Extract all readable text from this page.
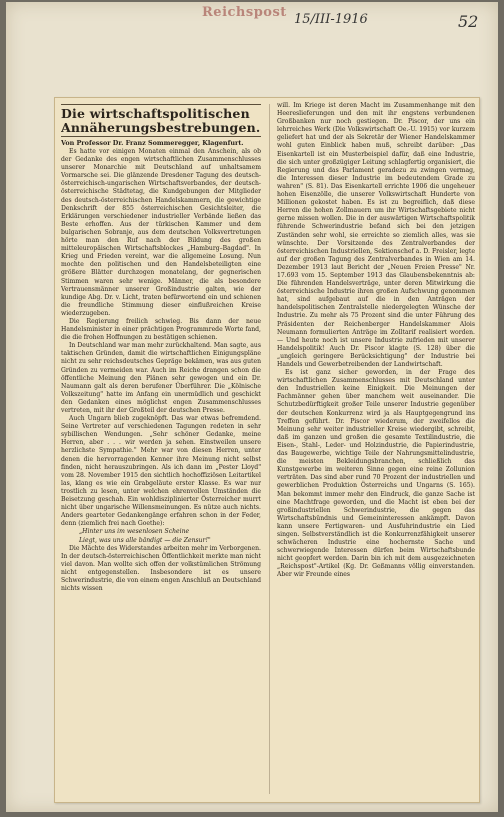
Reichspost 15/III-1916	52
Die wirtschaftspolitischen Annäherungsbestrebungen.
Von Professor Dr. Franz Sommeregger, Klagenfurt.

Es hatte vor einigen Monaten einmal den Anschein, als ob der Gedanke des engen wirtschaftlichen Zusammenschlusses unserer Monarchie mit Deutschland auf unhaltsamem Vormarsche sei. Die glänzende Dresdener Tagung des deutsch-österreichisch-ungarischen Wirtschaftsverbandes, der deutsch-österreichische Städtetag, die Kundgebungen der Mitglieder des deutsch-österreichischen Handelskammern, die gewichtige Denkschrift der 855 österreichischen Gesichtsleiter, die Erklärungen verschiedener industrieller Verbände ließen das Beste erhoffen. Aus der türkischen Kammer und dem bulgarischen Sobranje, aus dem deutschen Volksvertretungen hörte man den Ruf nach der Bildung des großen mitteleuropäischen Wirtschaftsblockes „Hamburg–Bagdad". In Krieg und Frieden vereint, war die allgemeine Losung. Nun mochte den politischen und den Handelsbeteiligten eine größere Blätter durchzogen monatelang, der gegnerischen Stimmen waren sehr wenige. Männer, die als besondere Vertrauensmänner unserer Großindustrie galten, wie der kundige Abg. Dr. v. Licht, traten befürwortend ein und schienen die freundliche Stimmung dieser einflußreichen Kreise wiederzugeben.

Die Regierung freilich schwieg. Bis dann der neue Handelsminister in einer prächtigen Programmrede Worte fand, die die frohen Hoffnungen zu bestätigen schienen.

In Deutschland war man mehr zurückhaltend. Man sagte, aus taktischen Gründen, damit die wirtschaftlichen Einigungspläne nicht zu sehr reichsdeutsches Gepräge bekämen, was aus guten Gründen zu vermeiden war. Auch im Reiche drangen schon die öffentliche Meinung den Plänen sehr gewogen und ein Dr. Naumann galt als deren berufener Überführer. Die „Kölnische Volkszeitung" hatte im Anfang ein unermüdlich und geschickt den Gedanken eines möglichst engen Zusammenschlusses vertreten, mit ihr der Großteil der deutschen Presse.

Auch Ungarn blieb zugeknöpft. Das war etwas befremdend. Seine Vertreter auf verschiedenen Tagungen redeten in sehr sybillischen Wendungen. „Sehr schöner Gedanke, meine Herren, aber . . . wir werden ja sehen. Einstweilen unsere herzlichste Sympathie." Mehr war von diesen Herren, unter denen die hervorragenden Kenner ihre Meinung nicht selbst finden, nicht herauszubringen. Als ich dann im „Pester Lloyd" vom 28. November 1915 den sichtlich hochoffiziösen Leitartikel las, klang es wie ein Grabgeläute erster Klasse. Es war nur trostlich zu lesen, unter welchen ehrenvollen Umständen die Beisetzung geschah. Ein wohldisziplinierter Österreicher murrt nicht über ungarische Willensmeinungen. Es nütze auch nichts. Anders gearteter Gedankengänge erfahren schon in der Feder, denn (ziemlich frei nach Goethe):

„Hinter uns im wesenlosen Scheine

Liegt, was uns alle bändigt — die Zensur!"

Die Mächte des Widerstandes arbeiten mehr im Verborgenen. In der deutsch-österreichischen Öffentlichkeit merkte man nicht viel davon. Man wollte sich offen der volkstümlichen Strömung nicht entgegenstellen. Insbesondere ist es unsere Schwerindustrie, die von einem engen Anschluß an Deutschland nichts wissen

will. Im Kriege ist deren Macht im Zusammenhange mit den Heereslieferungen und den mit ihr engstens verbundenen Großbanken nur noch gestiegen. Dr. Piscor, der uns ein lehrreiches Werk (Die Volkswirtschaft Oe.-U. 1915) vor kurzem geliefert hat und der als Sekretär der Wiener Handelskammer wohl guten Einblick haben muß, schreibt darüber: „Das Eisenkartell ist ein Musterbeispiel dafür, daß eine Industrie, die sich unter großzügiger Leitung schlagfertig organisiert, die Regierung und das Parlament geradezu zu zwingen vermag, die Interessen dieser Industrie im bedeutendem Grade zu wahren" (S. 81). Das Eisenkartell errichte 1906 die ungeheuer hohen Eisenzölle, die unserer Volkswirtschaft Hunderte von Millionen gekostet haben. Es ist zu begreiflich, daß diese Herren die hohen Zollmauern um ihr Wirtschaftsgebiete nicht gerne missen wollen. Die in der auswärtigen Wirtschaftspolitik führende Schwerindustrie befand sich bei den jetzigen Zuständen sehr wohl, sie erreichte so ziemlich alles, was sie wünschte. Der Vorsitzende des Zentralverbandes der österreichischen Industriellen, Sektionschef a. D. Freisler, legte auf der großen Tagung des Zentralverbandes in Wien am 14. Dezember 1913 laut Bericht der „Neuen Freien Presse" Nr. 17.693 vom 15. September 1913 das Glaubensbekenntnis ab: Die führenden Handelsverträge, unter deren Mitwirkung die österreichische Industrie ihren großen Aufschwung genommen hat, sind aufgebaut auf die in den Anträgen der handelspolitischen Zentralstelle niedergelegten Wünsche der Industrie. Zu mehr als 75 Prozent sind die unter Führung des Präsidenten der Reichenberger Handelskammer Alois Neumann formulierten Anträge im Zolltarif realisiert worden. — Und heute noch ist unsere Industrie zufrieden mit unserer Handelspolitik! Auch Dr. Piscor klagte (S. 128) über die „ungleich geringere Berücksichtigung" der Industrie bei Handels und Gewerbetreibenden der Landwirtschaft.

Es ist ganz sicher geworden, in der Frage des wirtschaftlichen Zusammenschlusses mit Deutschland unter den Industriellen keine Einigkeit. Die Meinungen der Fachmänner gehen über manchem weit auseinander. Die Schutzbedürftigkeit großer Teile unserer Industrie gegenüber der deutschen Konkurrenz wird ja als Hauptgegengrund ins Treffen geführt. Dr. Piscor wiederum, der zweifellos die Meinung sehr weiter industrieller Kreise wiedergibt, schreibt, daß im ganzen und großen die gesamte Textilindustrie, die Eisen-, Stahl-, Leder- und Holzindustrie, die Papierindustrie, das Baugewerbe, wichtige Teile der Nahrungsmittelindustrie, die meisten Bekleidungsbranchen, schließlich das Kunstgewerbe im weiteren Sinne gegen eine reine Zollunion verträten. Das sind aber rund 70 Prozent der industriellen und gewerblichen Produktion Österreichs und Ungarns (S. 165). Man bekommt immer mehr den Eindruck, die ganze Sache ist eine Machtfrage geworden, und die Macht ist eben bei der großindustriellen Schwerindustrie, die gegen das Wirtschaftsbündnis und Gemeininteressen ankämpft. Davon kann unsere Fertigwaren- und Ausfuhrindustrie ein Lied singen. Selbstverständlich ist die Konkurrenzfähigkeit unserer schwächeren Industrie eine hochernste Sache und schwerwiegende Interessen dürfen beim Wirtschaftsbunde nicht geopfert werden. Darin bin ich mit dem ausgezeichneten „Reichspost"-Artikel (Kg. Dr. Geßmanns völlig einverstanden. Aber wir Freunde eines
